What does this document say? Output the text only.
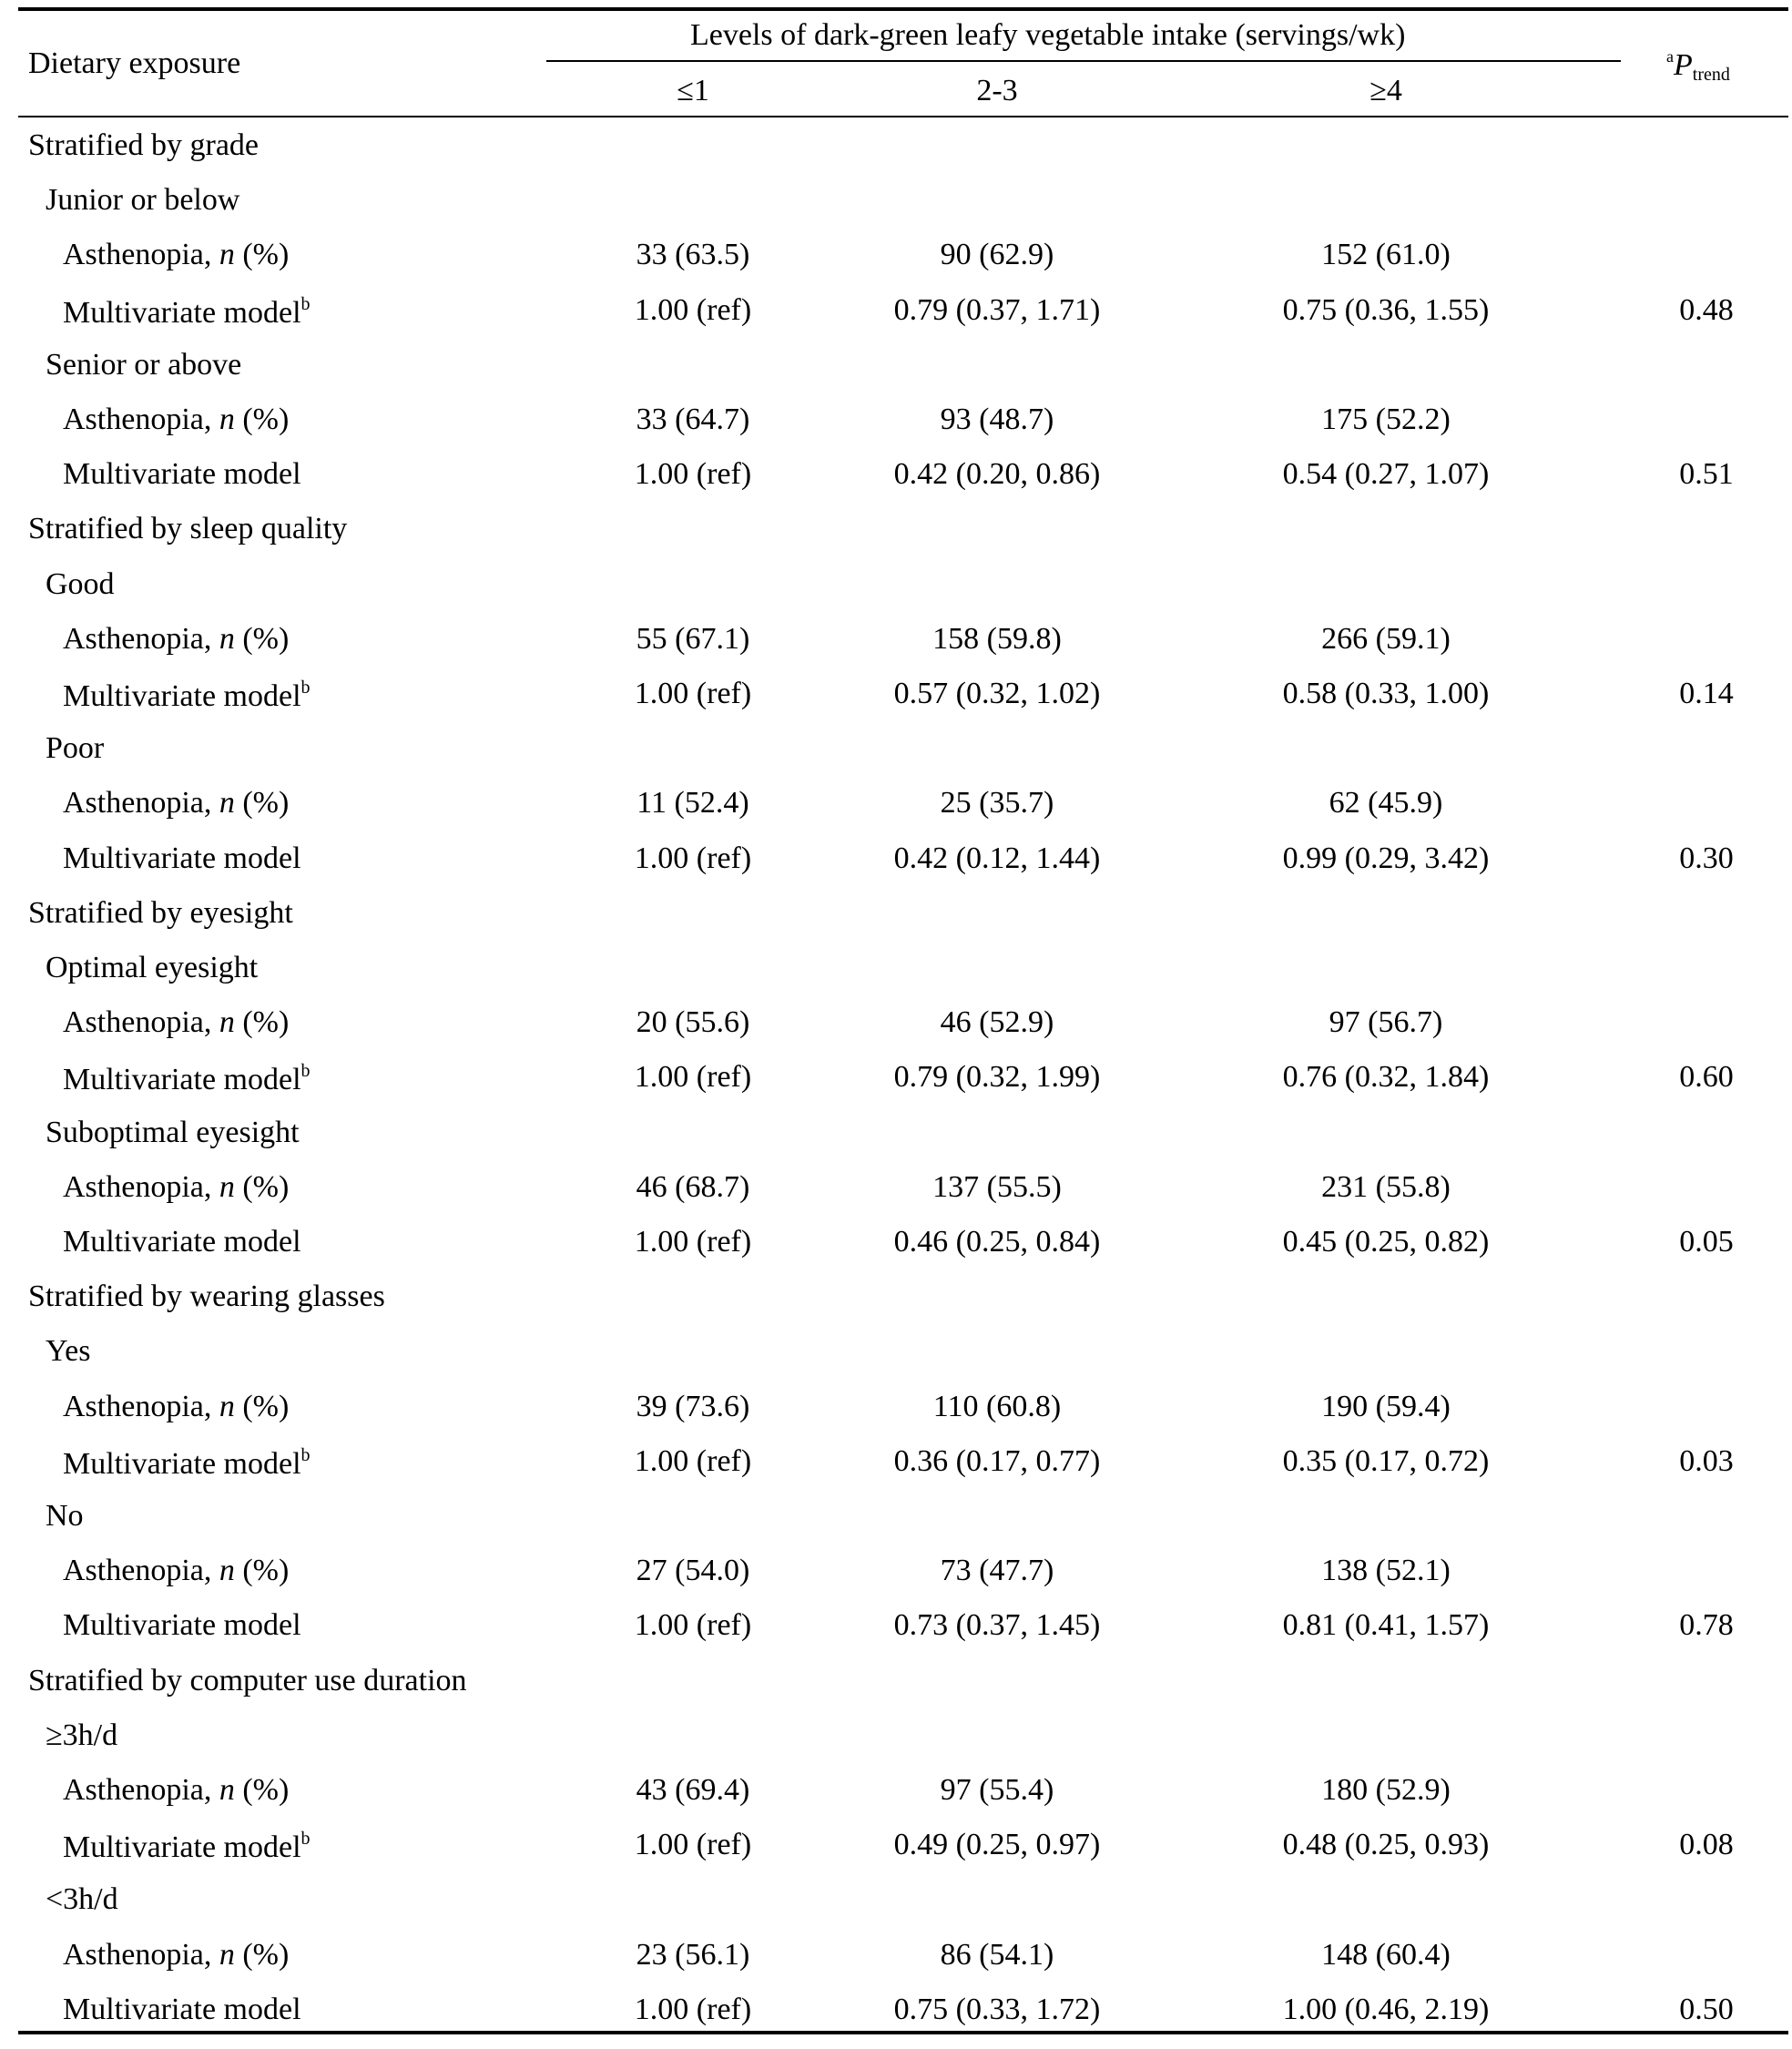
Dietary exposure
Levels of dark-green leafy vegetable intake (servings/wk)
≤1	2-3	≥4
$^aP_{trend}$
Stratified by grade
Junior or below
Asthenopia, n (%)	33 (63.5)	90 (62.9)	152 (61.0)
Multivariate model$^b$	1.00 (ref)	0.79 (0.37, 1.71)	0.75 (0.36, 1.55)	0.48
Senior or above
Asthenopia, n (%)	33 (64.7)	93 (48.7)	175 (52.2)
Multivariate model	1.00 (ref)	0.42 (0.20, 0.86)	0.54 (0.27, 1.07)	0.51
Stratified by sleep quality
Good
Asthenopia, n (%)	55 (67.1)	158 (59.8)	266 (59.1)
Multivariate model$^b$	1.00 (ref)	0.57 (0.32, 1.02)	0.58 (0.33, 1.00)	0.14
Poor
Asthenopia, n (%)	11 (52.4)	25 (35.7)	62 (45.9)
Multivariate model	1.00 (ref)	0.42 (0.12, 1.44)	0.99 (0.29, 3.42)	0.30
Stratified by eyesight
Optimal eyesight
Asthenopia, n (%)	20 (55.6)	46 (52.9)	97 (56.7)
Multivariate model$^b$	1.00 (ref)	0.79 (0.32, 1.99)	0.76 (0.32, 1.84)	0.60
Suboptimal eyesight
Asthenopia, n (%)	46 (68.7)	137 (55.5)	231 (55.8)
Multivariate model	1.00 (ref)	0.46 (0.25, 0.84)	0.45 (0.25, 0.82)	0.05
Stratified by wearing glasses
Yes
Asthenopia, n (%)	39 (73.6)	110 (60.8)	190 (59.4)
Multivariate model$^b$	1.00 (ref)	0.36 (0.17, 0.77)	0.35 (0.17, 0.72)	0.03
No
Asthenopia, n (%)	27 (54.0)	73 (47.7)	138 (52.1)
Multivariate model	1.00 (ref)	0.73 (0.37, 1.45)	0.81 (0.41, 1.57)	0.78
Stratified by computer use duration
≥3h/d
Asthenopia, n (%)	43 (69.4)	97 (55.4)	180 (52.9)
Multivariate model$^b$	1.00 (ref)	0.49 (0.25, 0.97)	0.48 (0.25, 0.93)	0.08
<3h/d
Asthenopia, n (%)	23 (56.1)	86 (54.1)	148 (60.4)
Multivariate model	1.00 (ref)	0.75 (0.33, 1.72)	1.00 (0.46, 2.19)	0.50
